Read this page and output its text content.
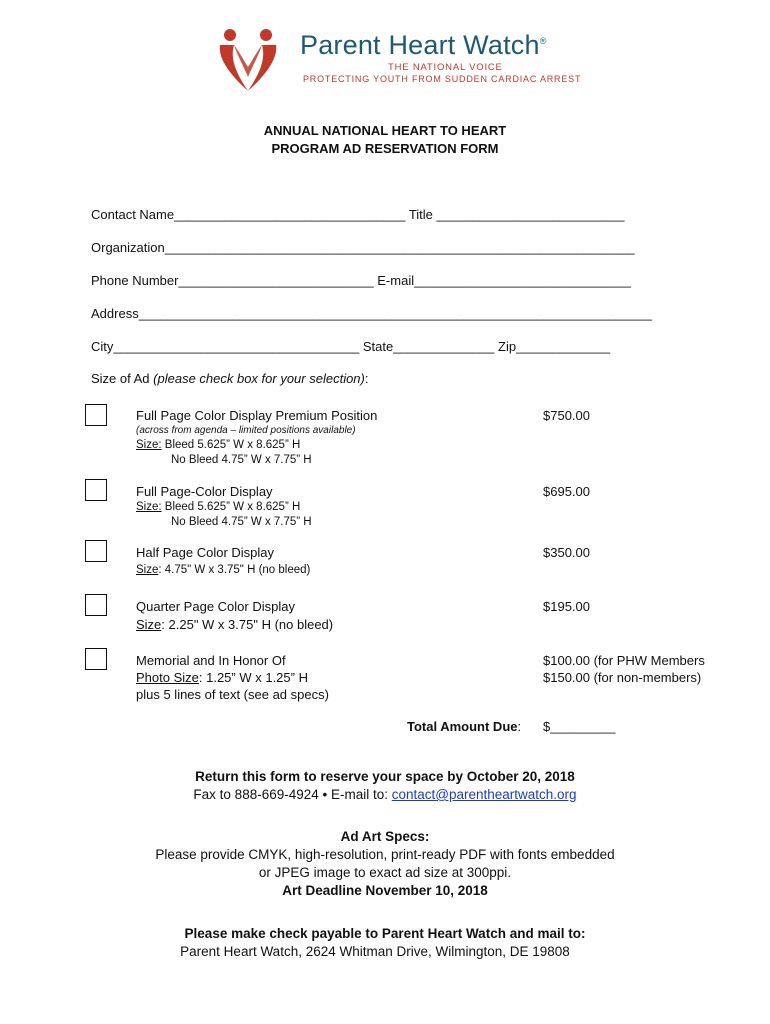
Parent Heart Watch®
THE NATIONAL VOICE
PROTECTING YOUTH FROM SUDDEN CARDIAC ARREST
ANNUAL NATIONAL HEART TO HEART
PROGRAM AD RESERVATION FORM
Contact Name________________________________ Title __________________________
Organization_________________________________________________________________
Phone Number___________________________ E-mail______________________________
Address_______________________________________________________________________
City__________________________________ State______________ Zip_____________
Size of Ad (please check box for your selection):
Full Page Color Display Premium Position
(across from agenda – limited positions available)
Size: Bleed 5.625” W x 8.625” H
No Bleed 4.75” W x 7.75” H
$750.00
Full Page-Color Display
Size: Bleed 5.625” W x 8.625” H
No Bleed 4.75” W x 7.75” H
$695.00
Half Page Color Display
Size: 4.75" W x 3.75" H (no bleed)
$350.00
Quarter Page Color Display
Size: 2.25" W x 3.75" H (no bleed)
$195.00
Memorial and In Honor Of
Photo Size: 1.25” W x 1.25” H
plus 5 lines of text (see ad specs)
$100.00 (for PHW Members
$150.00 (for non-members)
Total Amount Due: $_________
Return this form to reserve your space by October 20, 2018
Fax to 888-669-4924 • E-mail to: contact@parentheartwatch.org
Ad Art Specs:
Please provide CMYK, high-resolution, print-ready PDF with fonts embedded
or JPEG image to exact ad size at 300ppi.
Art Deadline November 10, 2018
Please make check payable to Parent Heart Watch and mail to:
Parent Heart Watch, 2624 Whitman Drive, Wilmington, DE 19808
